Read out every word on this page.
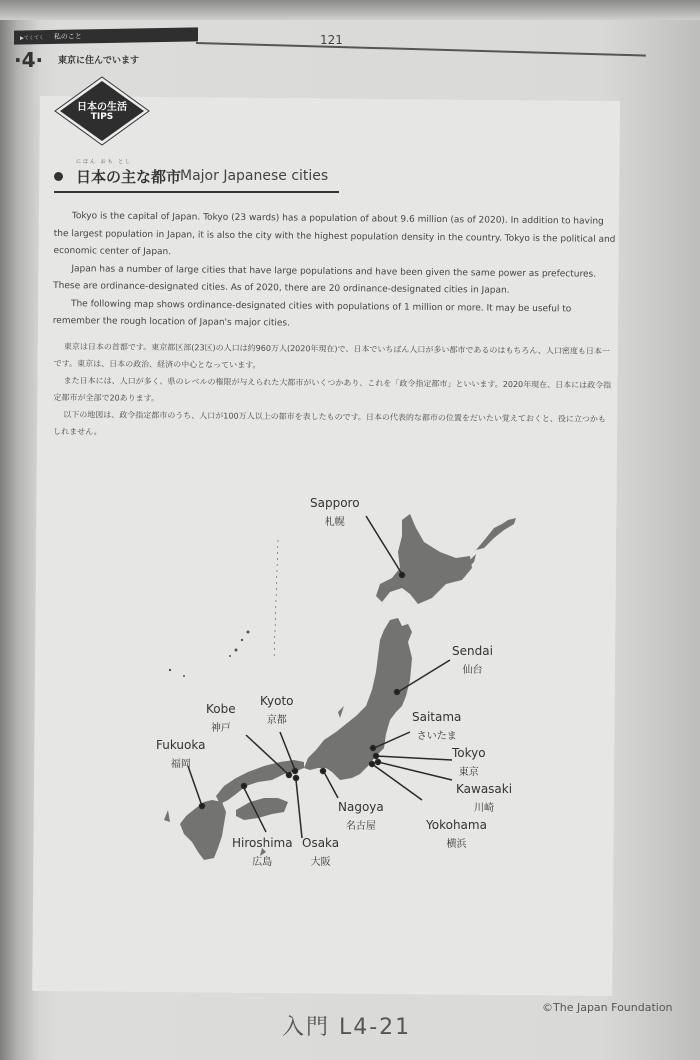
▶てくてく 私のこと	121
·4· 東京に住んでいます
日本の生活
TIPS
にほん おも とし
日本の主な都市
Major Japanese cities

Tokyo is the capital of Japan. Tokyo (23 wards) has a population of about 9.6 million (as of 2020). In addition to having the largest population in Japan, it is also the city with the highest population density in the country. Tokyo is the political and economic center of Japan.

Japan has a number of large cities that have large populations and have been given the same power as prefectures. These are ordinance-designated cities. As of 2020, there are 20 ordinance-designated cities in Japan.

The following map shows ordinance-designated cities with populations of 1 million or more. It may be useful to remember the rough location of Japan's major cities.

東京は日本の首都です。東京都区部(23区)の人口は約960万人(2020年現在)で、日本でいちばん人口が多い都市であるのはもちろん、人口密度も日本一です。東京は、日本の政治、経済の中心となっています。

また日本には、人口が多く、県のレベルの権限が与えられた大都市がいくつかあり、これを「政令指定都市」といいます。2020年現在、日本には政令指定都市が全部で20あります。

以下の地図は、政令指定都市のうち、人口が100万人以上の都市を表したものです。日本の代表的な都市の位置をだいたい覚えておくと、役に立つかもしれません。

Sapporo
札幌
Sendai
仙台
Saitama
さいたま
Tokyo
東京
Kawasaki
川崎
Yokohama
横浜
Nagoya
名古屋
Kyoto
京都
Kobe
神戸
Osaka
大阪
Hiroshima
広島
Fukuoka
福岡
入門 L4-21
©The Japan Foundation
